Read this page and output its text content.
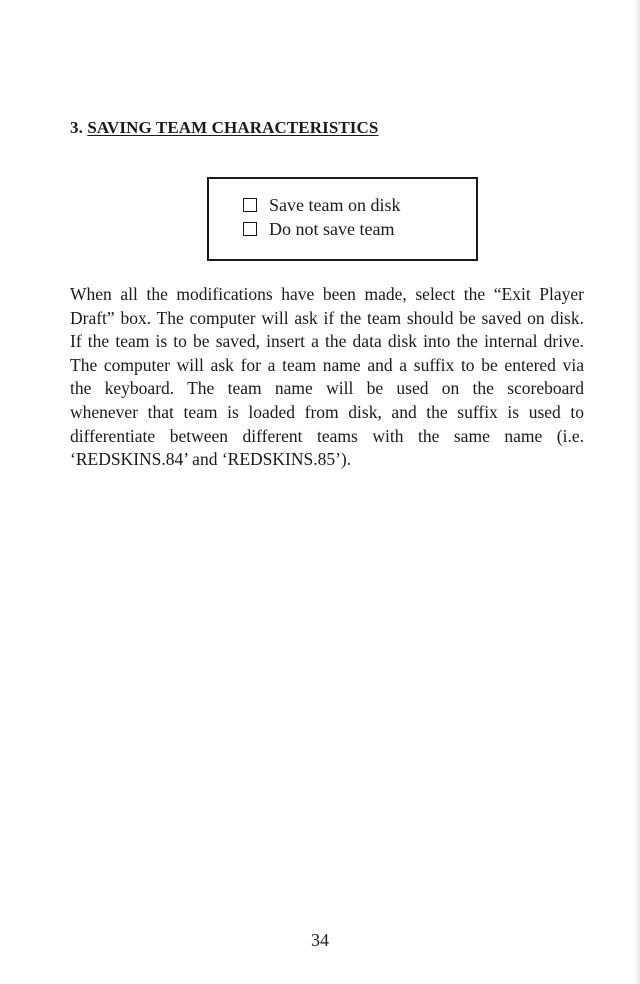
3. SAVING TEAM CHARACTERISTICS
Save team on disk
Do not save team
When all the modifications have been made, select the “Exit Player
Draft” box. The computer will ask if the team should be saved on disk.
If the team is to be saved, insert a the data disk into the internal drive.
The computer will ask for a team name and a suffix to be entered via
the keyboard. The team name will be used on the scoreboard
whenever that team is loaded from disk, and the suffix is used to
differentiate between different teams with the same name (i.e.
‘REDSKINS.84’ and ‘REDSKINS.85’).
34
